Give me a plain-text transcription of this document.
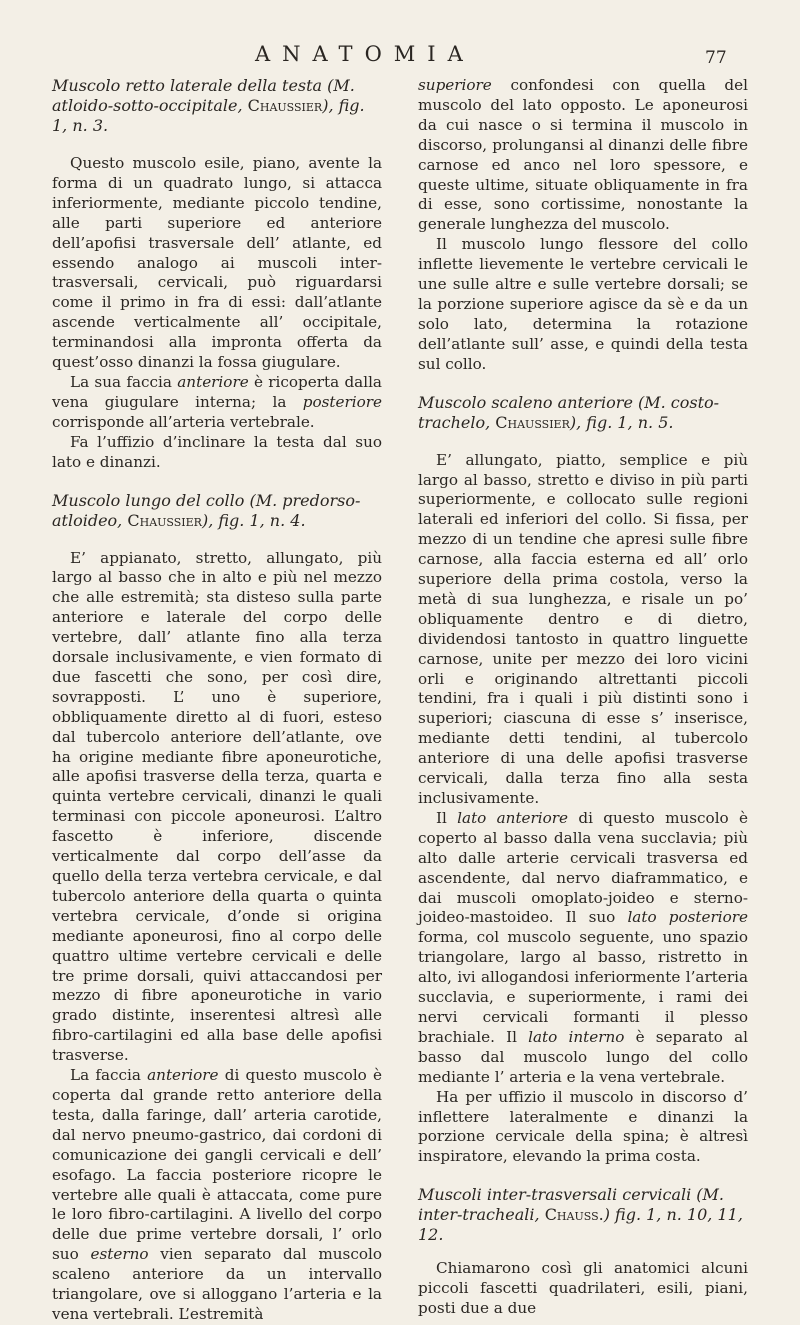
ANATOMIA	77

Muscolo retto laterale della testa (M. atloido-sotto-occipitale, Chaussier), fig. 1, n. 3.

Questo muscolo esile, piano, avente la forma di un quadrato lungo, si attacca inferiormente, mediante piccolo tendine, alle parti superiore ed anteriore dell’apofisi trasversale dell’ atlante, ed essendo analogo ai muscoli inter-trasversali, cervicali, può riguardarsi come il primo in fra di essi: dall’atlante ascende verticalmente all’ occipitale, terminandosi alla impronta offerta da quest’osso dinanzi la fossa giugulare.

La sua faccia anteriore è ricoperta dalla vena giugulare interna; la posteriore corrisponde all’arteria vertebrale.

Fa l’uffizio d’inclinare la testa dal suo lato e dinanzi.

Muscolo lungo del collo (M. predorso-atloideo, Chaussier), fig. 1, n. 4.

E’ appianato, stretto, allungato, più largo al basso che in alto e più nel mezzo che alle estremità; sta disteso sulla parte anteriore e laterale del corpo delle vertebre, dall’ atlante fino alla terza dorsale inclusivamente, e vien formato di due fascetti che sono, per così dire, sovrapposti. L’ uno è superiore, obbliquamente diretto al di fuori, esteso dal tubercolo anteriore dell’atlante, ove ha origine mediante fibre aponeurotiche, alle apofisi trasverse della terza, quarta e quinta vertebre cervicali, dinanzi le quali terminasi con piccole aponeurosi. L’altro fascetto è inferiore, discende verticalmente dal corpo dell’asse da quello della terza vertebra cervicale, e dal tubercolo anteriore della quarta o quinta vertebra cervicale, d’onde si origina mediante aponeurosi, fino al corpo delle quattro ultime vertebre cervicali e delle tre prime dorsali, quivi attaccandosi per mezzo di fibre aponeurotiche in vario grado distinte, inserentesi altresì alle fibro-cartilagini ed alla base delle apofisi trasverse.

La faccia anteriore di questo muscolo è coperta dal grande retto anteriore della testa, dalla faringe, dall’ arteria carotide, dal nervo pneumo-gastrico, dai cordoni di comunicazione dei gangli cervicali e dell’ esofago. La faccia posteriore ricopre le vertebre alle quali è attaccata, come pure le loro fibro-cartilagini. A livello del corpo delle due prime vertebre dorsali, l’ orlo suo esterno vien separato dal muscolo scaleno anteriore da un intervallo triangolare, ove si alloggano l’arteria e la vena vertebrali. L’estremità

superiore confondesi con quella del muscolo del lato opposto. Le aponeurosi da cui nasce o si termina il muscolo in discorso, prolungansi al dinanzi delle fibre carnose ed anco nel loro spessore, e queste ultime, situate obliquamente in fra di esse, sono cortissime, nonostante la generale lunghezza del muscolo.

Il muscolo lungo flessore del collo inflette lievemente le vertebre cervicali le une sulle altre e sulle vertebre dorsali; se la porzione superiore agisce da sè e da un solo lato, determina la rotazione dell’atlante sull’ asse, e quindi della testa sul collo.

Muscolo scaleno anteriore (M. costo-trachelo, Chaussier), fig. 1, n. 5.

E’ allungato, piatto, semplice e più largo al basso, stretto e diviso in più parti superiormente, e collocato sulle regioni laterali ed inferiori del collo. Si fissa, per mezzo di un tendine che apresi sulle fibre carnose, alla faccia esterna ed all’ orlo superiore della prima costola, verso la metà di sua lunghezza, e risale un po’ obliquamente dentro e di dietro, dividendosi tantosto in quattro linguette carnose, unite per mezzo dei loro vicini orli e originando altrettanti piccoli tendini, fra i quali i più distinti sono i superiori; ciascuna di esse s’ inserisce, mediante detti tendini, al tubercolo anteriore di una delle apofisi trasverse cervicali, dalla terza fino alla sesta inclusivamente.

Il lato anteriore di questo muscolo è coperto al basso dalla vena succlavia; più alto dalle arterie cervicali trasversa ed ascendente, dal nervo diaframmatico, e dai muscoli omoplato-joideo e sterno-joideo-mastoideo. Il suo lato posteriore forma, col muscolo seguente, uno spazio triangolare, largo al basso, ristretto in alto, ivi allogandosi inferiormente l’arteria succlavia, e superiormente, i rami dei nervi cervicali formanti il plesso brachiale. Il lato interno è separato al basso dal muscolo lungo del collo mediante l’ arteria e la vena vertebrale.

Ha per uffizio il muscolo in discorso d’ inflettere lateralmente e dinanzi la porzione cervicale della spina; è altresì inspiratore, elevando la prima costa.

Muscoli inter-trasversali cervicali (M. inter-tracheali, Chauss.) fig. 1, n. 10, 11, 12.

Chiamarono così gli anatomici alcuni piccoli fascetti quadrilateri, esili, piani, posti due a due
